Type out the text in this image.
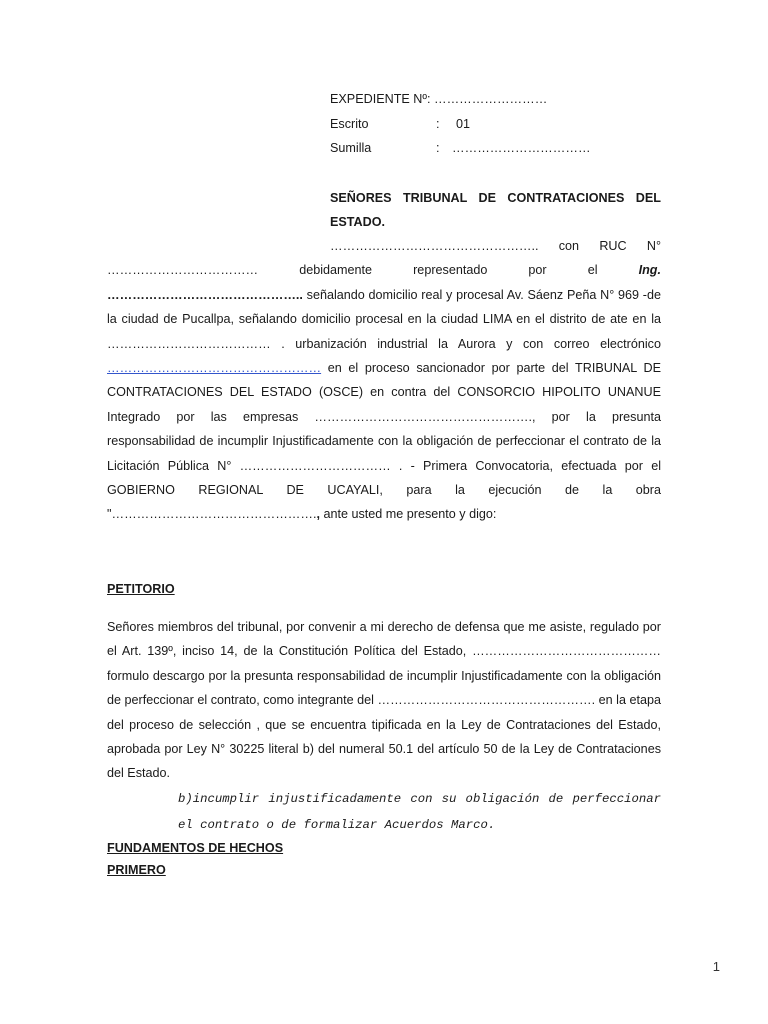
EXPEDIENTE Nº: ………………………
Escrito	: 01
Sumilla	: ……………………………

SEÑORES TRIBUNAL DE CONTRATACIONES DEL ESTADO.

………………………………………….. con RUC N° ……………………………… debidamente representado por el Ing. ……………………………………….. señalando domicilio real y procesal Av. Sáenz Peña N° 969 -de la ciudad de Pucallpa, señalando domicilio procesal en la ciudad LIMA en el distrito de ate en la ………………………………… . urbanización industrial la Aurora y con correo electrónico …………………………………………… en el proceso sancionador por parte del TRIBUNAL DE CONTRATACIONES DEL ESTADO (OSCE) en contra del CONSORCIO HIPOLITO UNANUE Integrado por las empresas ……………………………………………., por la presunta responsabilidad de incumplir Injustificadamente con la obligación de perfeccionar el contrato de la Licitación Pública N° ……………………………… . - Primera Convocatoria, efectuada por el GOBIERNO REGIONAL DE UCAYALI, para la ejecución de la obra "…………………………………………., ante usted me presento y digo:

PETITORIO

Señores miembros del tribunal, por convenir a mi derecho de defensa que me asiste, regulado por el Art. 139º, inciso 14, de la Constitución Política del Estado, ……………………………………… formulo descargo por la presunta responsabilidad de incumplir Injustificadamente con la obligación de perfeccionar el contrato, como integrante del ……………………………………………. en la etapa del proceso de selección , que se encuentra tipificada en la Ley de Contrataciones del Estado, aprobada por Ley N° 30225 literal b) del numeral 50.1 del artículo 50 de la Ley de Contrataciones del Estado.

b)incumplir injustificadamente con su obligación de perfeccionar el contrato o de formalizar Acuerdos Marco.

FUNDAMENTOS DE HECHOS
PRIMERO
1
